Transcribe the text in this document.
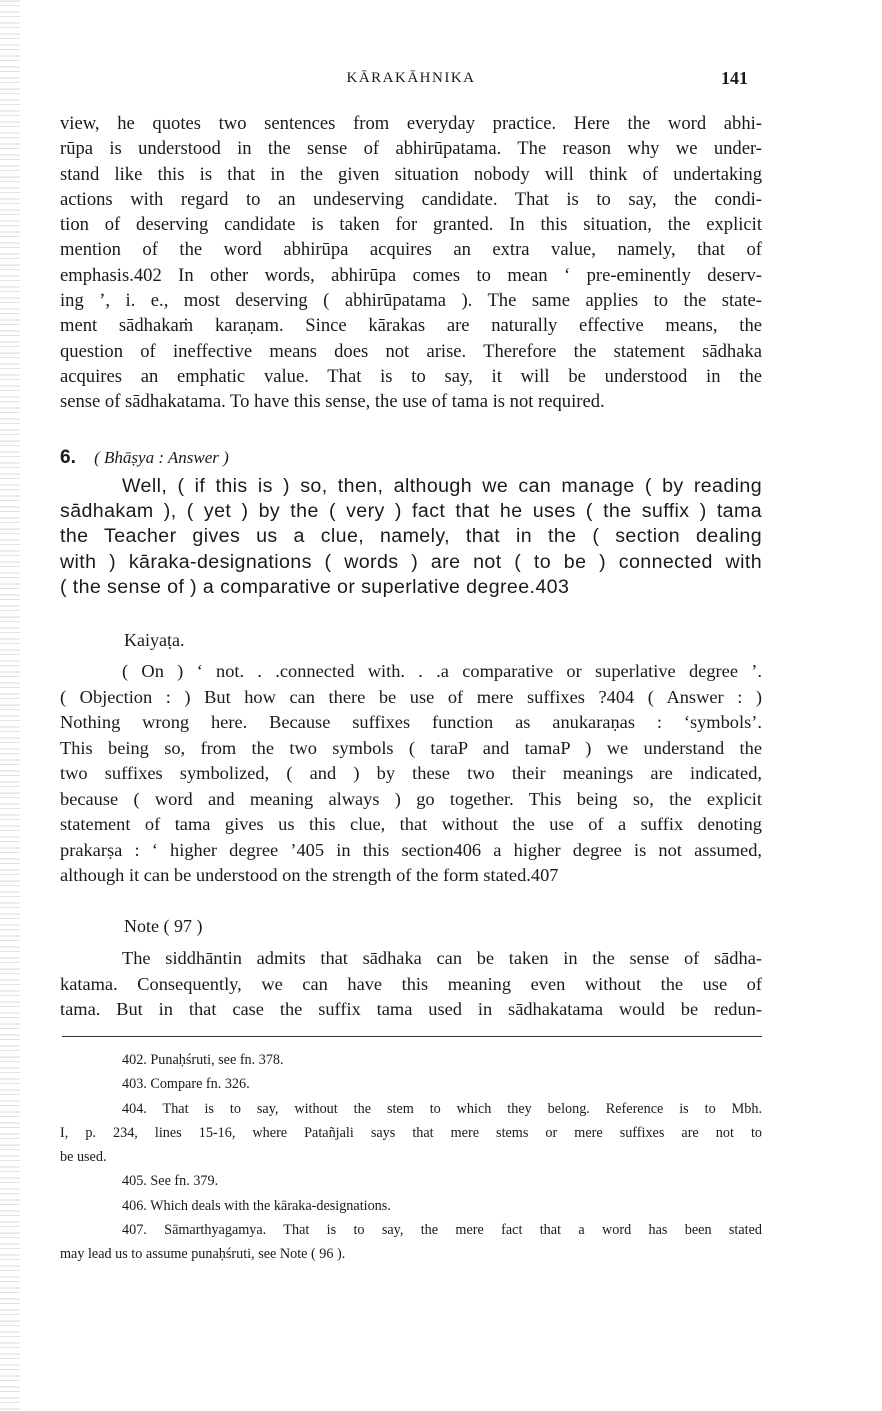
KĀRAKĀHNIKA	141
view, he quotes two sentences from everyday practice. Here the word abhi-
rūpa is understood in the sense of abhirūpatama. The reason why we under-
stand like this is that in the given situation nobody will think of undertaking
actions with regard to an undeserving candidate. That is to say, the condi-
tion of deserving candidate is taken for granted. In this situation, the explicit
mention of the word abhirūpa acquires an extra value, namely, that of
emphasis.402 In other words, abhirūpa comes to mean ‘ pre-eminently deserv-
ing ’, i. e., most deserving ( abhirūpatama ). The same applies to the state-
ment sādhakaṁ karaṇam. Since kārakas are naturally effective means, the
question of ineffective means does not arise. Therefore the statement sādhaka
acquires an emphatic value. That is to say, it will be understood in the
sense of sādhakatama. To have this sense, the use of tama is not required.
6. ( Bhāṣya : Answer )
Well, ( if this is ) so, then, although we can manage ( by reading
sādhakam ), ( yet ) by the ( very ) fact that he uses ( the suffix ) tama
the Teacher gives us a clue, namely, that in the ( section dealing
with ) kāraka-designations ( words ) are not ( to be ) connected with
( the sense of ) a comparative or superlative degree.403
Kaiyaṭa.
( On ) ‘ not. . .connected with. . .a comparative or superlative degree ’.
( Objection : ) But how can there be use of mere suffixes ?404 ( Answer : )
Nothing wrong here. Because suffixes function as anukaraṇas : ‘symbols’.
This being so, from the two symbols ( taraP and tamaP ) we understand the
two suffixes symbolized, ( and ) by these two their meanings are indicated,
because ( word and meaning always ) go together. This being so, the explicit
statement of tama gives us this clue, that without the use of a suffix denoting
prakarṣa : ‘ higher degree ’405 in this section406 a higher degree is not assumed,
although it can be understood on the strength of the form stated.407
Note ( 97 )
The siddhāntin admits that sādhaka can be taken in the sense of sādha-
katama. Consequently, we can have this meaning even without the use of
tama. But in that case the suffix tama used in sādhakatama would be redun-
402. Punaḥśruti, see fn. 378.
403. Compare fn. 326.
404. That is to say, without the stem to which they belong. Reference is to Mbh.
I, p. 234, lines 15-16, where Patañjali says that mere stems or mere suffixes are not to
be used.
405. See fn. 379.
406. Which deals with the kāraka-designations.
407. Sāmarthyagamya. That is to say, the mere fact that a word has been stated
may lead us to assume punaḥśruti, see Note ( 96 ).
